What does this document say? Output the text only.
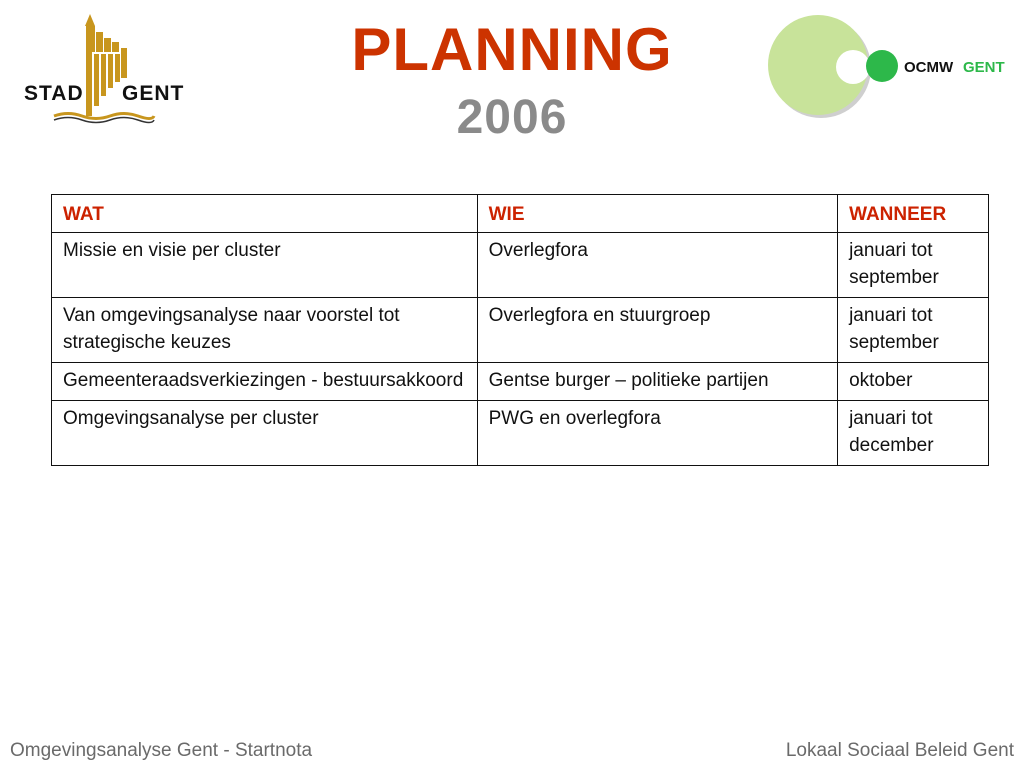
STAD GENT
PLANNING
2006
OCMW GENT
WAT	WIE	WANNEER
Missie en visie per cluster	Overlegfora	januari tot september
Van omgevingsanalyse naar voorstel tot strategische keuzes	Overlegfora en stuurgroep	januari tot september
Gemeenteraadsverkiezingen - bestuursakkoord	Gentse burger – politieke partijen	oktober
Omgevingsanalyse per cluster	PWG en overlegfora	januari tot december
Omgevingsanalyse Gent - Startnota	Lokaal Sociaal Beleid Gent
